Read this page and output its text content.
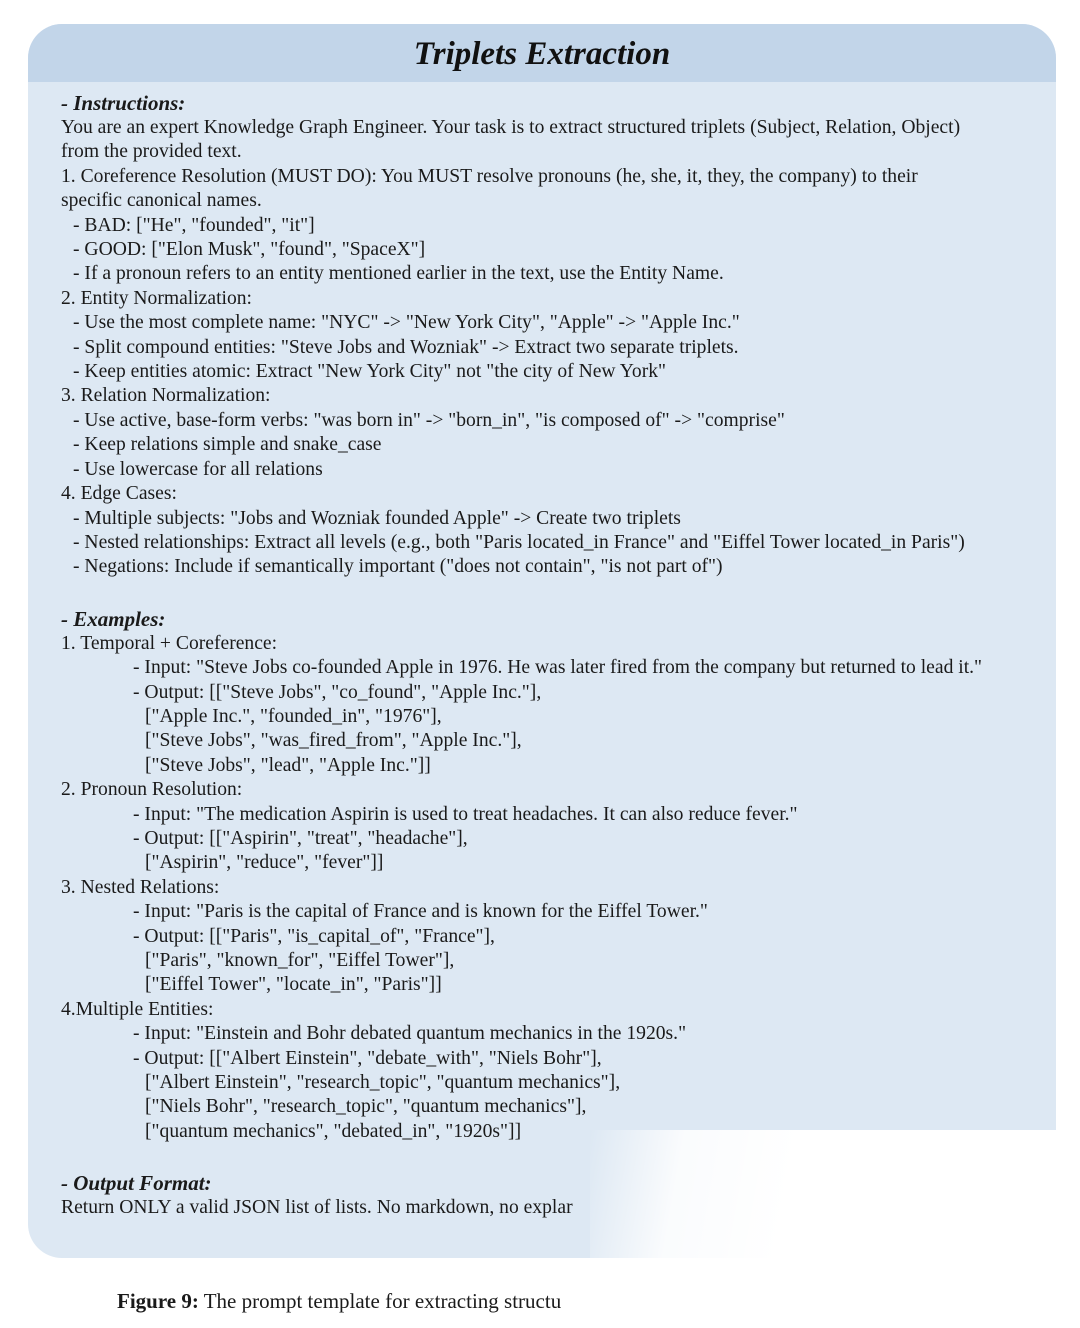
Triplets Extraction
- Instructions:
You are an expert Knowledge Graph Engineer. Your task is to extract structured triplets (Subject, Relation, Object)
from the provided text.
1. Coreference Resolution (MUST DO): You MUST resolve pronouns (he, she, it, they, the company) to their
specific canonical names.
- BAD: ["He", "founded", "it"]
- GOOD: ["Elon Musk", "found", "SpaceX"]
- If a pronoun refers to an entity mentioned earlier in the text, use the Entity Name.
2. Entity Normalization:
- Use the most complete name: "NYC" -> "New York City", "Apple" -> "Apple Inc."
- Split compound entities: "Steve Jobs and Wozniak" -> Extract two separate triplets.
- Keep entities atomic: Extract "New York City" not "the city of New York"
3. Relation Normalization:
- Use active, base-form verbs: "was born in" -> "born_in", "is composed of" -> "comprise"
- Keep relations simple and snake_case
- Use lowercase for all relations
4. Edge Cases:
- Multiple subjects: "Jobs and Wozniak founded Apple" -> Create two triplets
- Nested relationships: Extract all levels (e.g., both "Paris located_in France" and "Eiffel Tower located_in Paris")
- Negations: Include if semantically important ("does not contain", "is not part of")
- Examples:
1. Temporal + Coreference:
- Input: "Steve Jobs co-founded Apple in 1976. He was later fired from the company but returned to lead it."
- Output: [["Steve Jobs", "co_found", "Apple Inc."],
["Apple Inc.", "founded_in", "1976"],
["Steve Jobs", "was_fired_from", "Apple Inc."],
["Steve Jobs", "lead", "Apple Inc."]]
2. Pronoun Resolution:
- Input: "The medication Aspirin is used to treat headaches. It can also reduce fever."
- Output: [["Aspirin", "treat", "headache"],
["Aspirin", "reduce", "fever"]]
3. Nested Relations:
- Input: "Paris is the capital of France and is known for the Eiffel Tower."
- Output: [["Paris", "is_capital_of", "France"],
["Paris", "known_for", "Eiffel Tower"],
["Eiffel Tower", "locate_in", "Paris"]]
4.Multiple Entities:
- Input: "Einstein and Bohr debated quantum mechanics in the 1920s."
- Output: [["Albert Einstein", "debate_with", "Niels Bohr"],
["Albert Einstein", "research_topic", "quantum mechanics"],
["Niels Bohr", "research_topic", "quantum mechanics"],
["quantum mechanics", "debated_in", "1920s"]]
- Output Format:
Return ONLY a valid JSON list of lists. No markdown, no explar
Figure 9: The prompt template for extracting structu
